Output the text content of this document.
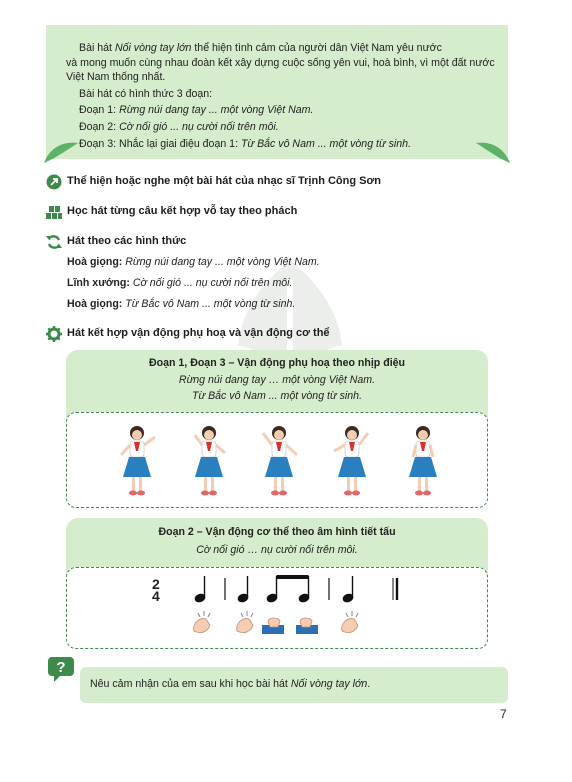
Bài hát Nối vòng tay lớn thể hiện tình cảm của người dân Việt Nam yêu nước

và mong muốn cùng nhau đoàn kết xây dựng cuộc sống yên vui, hoà bình, vì một đất nước

Việt Nam thống nhất.

Bài hát có hình thức 3 đoạn:

Đoạn 1: Rừng núi dang tay ... một vòng Việt Nam.

Đoạn 2: Cờ nối gió ... nụ cười nối trên môi.

Đoạn 3: Nhắc lại giai điệu đoạn 1: Từ Bắc vô Nam ... một vòng từ sinh.

Thể hiện hoặc nghe một bài hát của nhạc sĩ Trịnh Công Sơn
Học hát từng câu kết hợp vỗ tay theo phách
Hát theo các hình thức
Hoà giọng: Rừng núi dang tay ... một vòng Việt Nam.
Lĩnh xướng: Cờ nối gió ... nụ cười nối trên môi.
Hoà giọng: Từ Bắc vô Nam ... một vòng từ sinh.
Hát kết hợp vận động phụ hoạ và vận động cơ thể
Đoạn 1, Đoạn 3 – Vận động phụ hoạ theo nhịp điệu
Rừng núi dang tay … một vòng Việt Nam.
Từ Bắc vô Nam ... một vòng từ sinh.
Đoạn 2 – Vận động cơ thể theo âm hình tiết tấu
Cờ nối gió … nụ cười nối trên môi.
2
4
?
Nêu cảm nhận của em sau khi học bài hát Nối vòng tay lớn.
7
